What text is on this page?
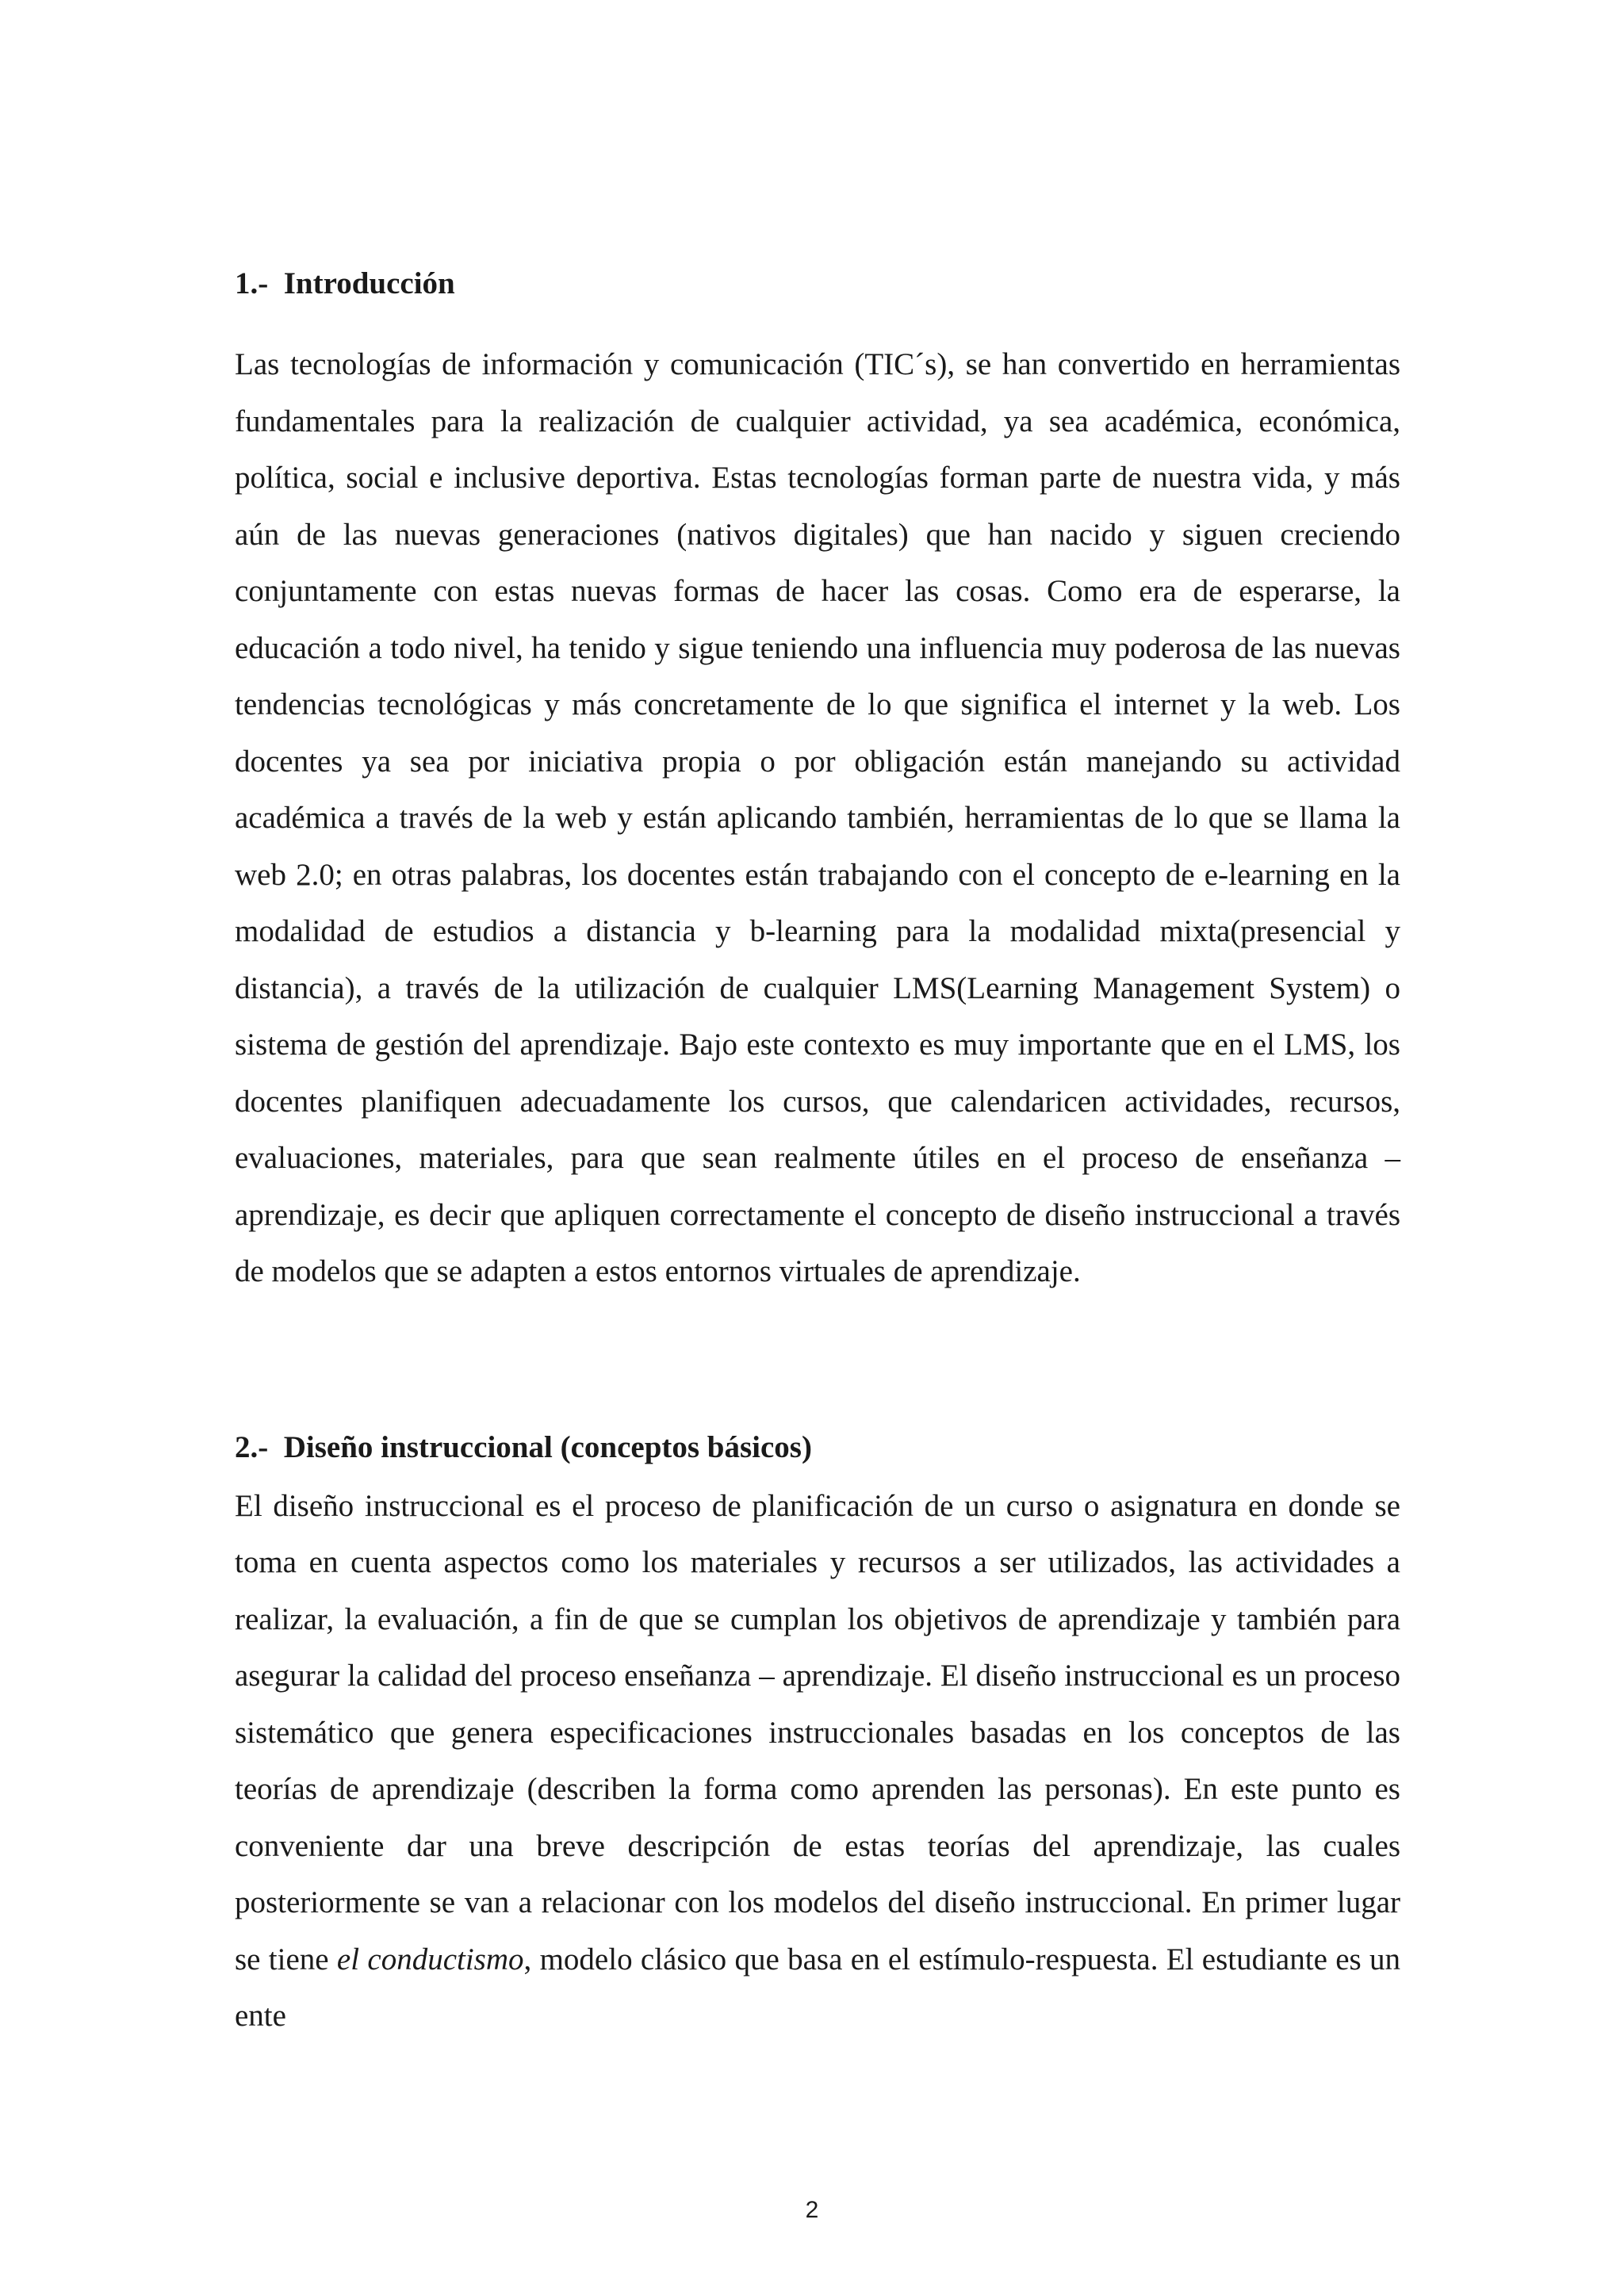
1.-  Introducción

Las tecnologías de información y comunicación (TIC´s), se han convertido en herramientas fundamentales para la realización de cualquier actividad, ya sea académica, económica, política, social e inclusive deportiva. Estas tecnologías forman parte de nuestra vida, y más aún de las nuevas generaciones (nativos digitales) que han nacido y siguen creciendo conjuntamente con estas nuevas formas de hacer las cosas. Como era de esperarse, la educación a todo nivel, ha tenido y sigue teniendo una influencia muy poderosa de las nuevas tendencias tecnológicas y más concretamente de lo que significa el internet y la web. Los docentes ya sea por iniciativa propia o por obligación están manejando su actividad académica a través de la web y están aplicando también, herramientas de lo que se llama la web 2.0; en otras palabras, los docentes están trabajando con el concepto de e-learning en la modalidad de estudios a distancia y b-learning para la modalidad mixta(presencial y distancia), a través de la utilización de cualquier LMS(Learning Management System) o sistema de gestión del aprendizaje. Bajo este contexto es muy importante que en el LMS, los docentes planifiquen adecuadamente los cursos, que calendaricen actividades, recursos, evaluaciones, materiales, para que sean realmente útiles en el proceso de enseñanza – aprendizaje, es decir que apliquen correctamente el concepto de diseño instruccional a través de modelos que se adapten a estos entornos virtuales de aprendizaje.

2.-  Diseño instruccional (conceptos básicos)

El diseño instruccional es el proceso de planificación de un curso o asignatura en donde se toma en cuenta aspectos como los materiales y recursos a ser utilizados, las actividades a realizar, la evaluación, a fin de que se cumplan los objetivos de aprendizaje y también para asegurar la calidad del proceso enseñanza – aprendizaje. El diseño instruccional es un proceso sistemático que genera especificaciones instruccionales basadas en los conceptos de las teorías de aprendizaje (describen la forma como aprenden las personas). En este punto es conveniente dar una breve descripción de estas teorías del aprendizaje, las cuales posteriormente se van a relacionar con los modelos del diseño instruccional. En primer lugar se tiene el conductismo, modelo clásico que basa en el estímulo-respuesta. El estudiante es un ente

2
